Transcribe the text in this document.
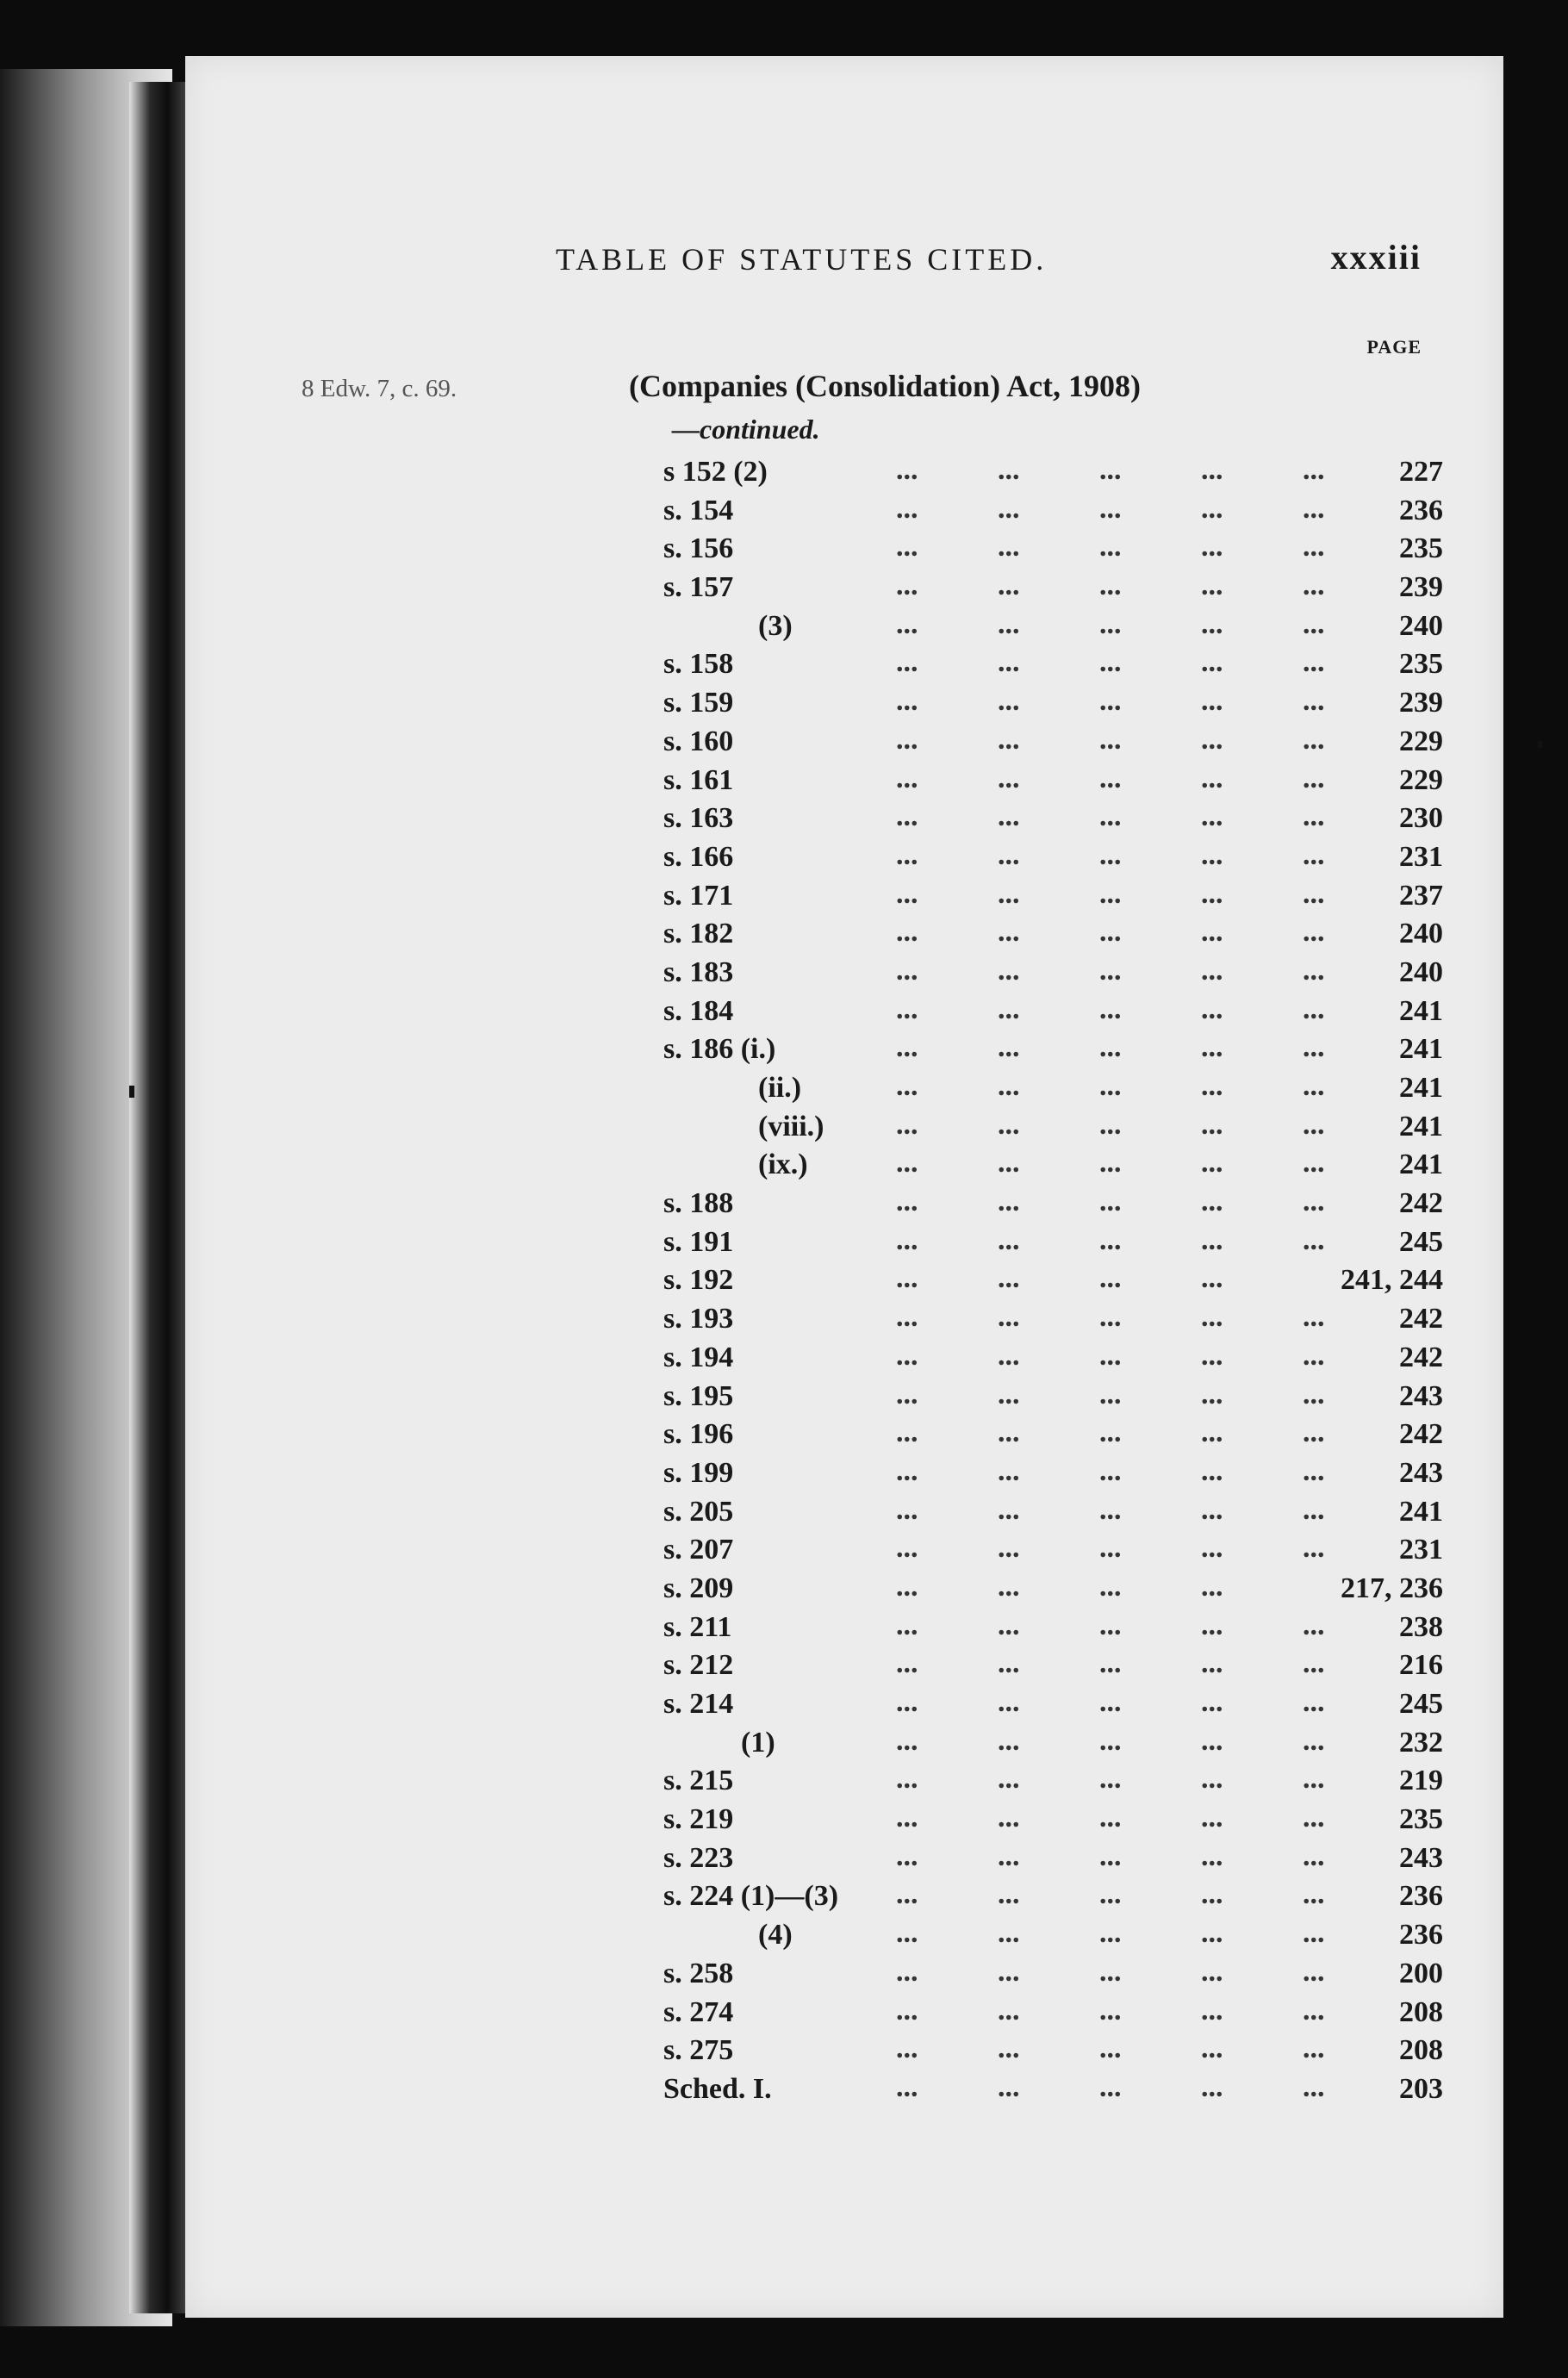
TABLE OF STATUTES CITED.	xxxiii
PAGE
8 Edw. 7, c. 69.	(Companies (Consolidation) Act, 1908)
—continued.
s 152 (2)	...	...	...	...	...	227
s. 154	...	...	...	...	...	236
s. 156	...	...	...	...	...	235
s. 157	...	...	...	...	...	239
(3)	...	...	...	...	...	240
s. 158	...	...	...	...	...	235
s. 159	...	...	...	...	...	239
s. 160	...	...	...	...	...	229
s. 161	...	...	...	...	...	229
s. 163	...	...	...	...	...	230
s. 166	...	...	...	...	...	231
s. 171	...	...	...	...	...	237
s. 182	...	...	...	...	...	240
s. 183	...	...	...	...	...	240
s. 184	...	...	...	...	...	241
s. 186 (i.)	...	...	...	...	...	241
(ii.)	...	...	...	...	...	241
(viii.) ...	...	...	...	...	241
(ix.)	...	...	...	...	...	241
s. 188	...	...	...	...	...	242
s. 191	...	...	...	...	...	245
s. 192	...	...	...	...	241, 244
s. 193	...	...	...	...	...	242
s. 194	...	...	...	...	...	242
s. 195	...	...	...	...	...	243
s. 196	...	...	...	...	...	242
s. 199	...	...	...	...	...	243
s. 205	...	...	...	...	...	241
s. 207	...	...	...	...	...	231
s. 209	...	...	...	...	217, 236
s. 211	...	...	...	...	...	238
s. 212	...	...	...	...	...	216
s. 214	...	...	...	...	...	245
(1)	...	...	...	...	...	232
s. 215	...	...	...	...	...	219
s. 219	...	...	...	...	...	235
s. 223	...	...	...	...	...	243
s. 224 (1)—(3) ...	...	...	...	...	236
(4)	...	...	...	...	...	236
s. 258	...	...	...	...	...	200
s. 274	...	...	...	...	...	208
s. 275	...	...	...	...	...	208
Sched. I.	...	...	...	...	...	203
